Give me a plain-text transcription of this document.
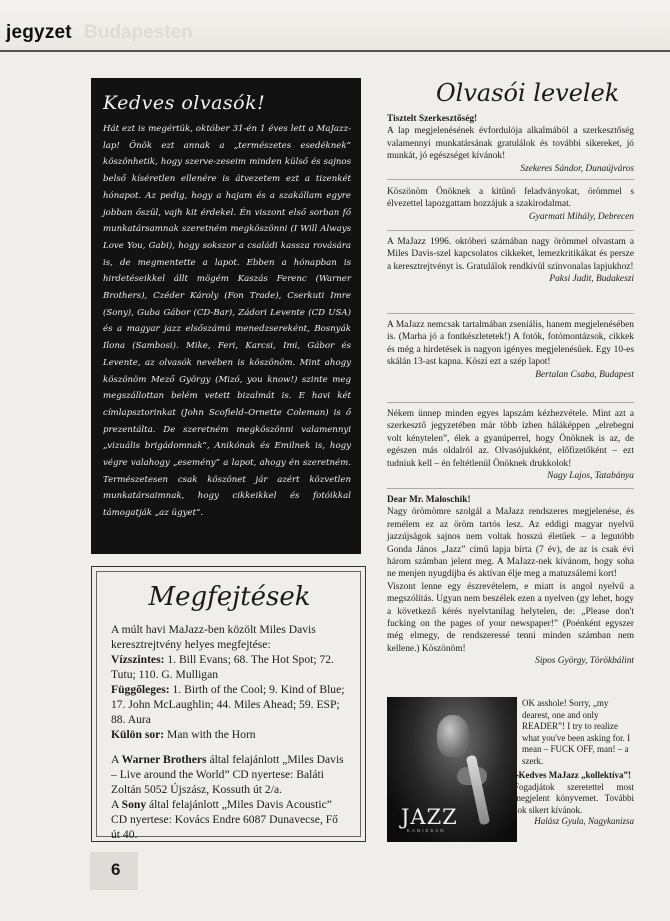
jegyzet Budapesten
Kedves olvasók!

Hát ezt is megértük, október 31-én 1 éves lett a MaJazz-lap! Önök ezt annak a „természetes esedéknek” köszönhetik, hogy szerve-zeseim minden külső és sajnos belső kíséretlen ellenére is átvezetem ezt a tizenkét hónapot. Az pedig, hogy a hajam és a szakállam egyre jobban őszül, vajh kit érdekel. Én viszont első sorban fő munkatársamnak szeretném megköszönni (I Will Always Love You, Gabi), hogy sokszor a családi kassza rovására is, de megmentette a lapot. Ebben a hónapban is hirdetéseikkel állt mögém Kaszás Ferenc (Warner Brothers), Czéder Károly (Fon Trade), Cserkuti Imre (Sony), Guba Gábor (CD-Bar), Zádori Levente (CD USA) és a magyar jazz elsőszámú menedzsereként, Bosnyák Ilona (Sambosi). Mike, Feri, Karcsi, Imi, Gábor és Levente, az olvasók nevében is köszönöm. Mint ahogy köszönöm Mező György (Mizó, you know!) szinte meg megszállottan belém vetett bizalmát is. E havi két címlapsztorinkat (John Scofield–Ornette Coleman) is ő prezentálta. De szeretném megköszönni valamennyi „vizuális brigádomnak”, Anikónak és Emilnek is, hogy végre valahogy „esemény” a lapot, ahogy én szeretném. Természetesen csak köszönet jár azért közvetlen munkatársaimnak, hogy cikkeikkel és fotóikkal támogatják „az ügyet”.

Megfejtések

A múlt havi MaJazz-ben közölt Miles Davis keresztrejtvény helyes megfejtése:

Vízszintes: 1. Bill Evans; 68. The Hot Spot; 72. Tutu; 110. G. Mulligan

Függőleges: 1. Birth of the Cool; 9. Kind of Blue; 17. John McLaughlin; 44. Miles Ahead; 59. ESP; 88. Aura

Külön sor: Man with the Horn

A Warner Brothers által felajánlott „Miles Davis – Live around the World” CD nyertese: Baláti Zoltán 5052 Újszász, Kossuth út 2/a.

A Sony által felajánlott „Miles Davis Acoustic” CD nyertese: Kovács Endre 6087 Dunavecse, Fő út 40.

Olvasói levelek

Tisztelt Szerkesztőség!

A lap megjelenésének évfordulója alkalmából a szerkesztőség valamennyi munkatársának gratulálok és további sikereket, jó munkát, jó egészséget kívánok!

Szekeres Sándor, Dunaújváros

Köszönöm Önöknek a kitűnő feladványokat, örömmel s élvezettel lapozgattam hozzájuk a szakirodalmat.

Gyarmati Mihály, Debrecen

A MaJazz 1996. októberi számában nagy örömmel olvastam a Miles Davis-szel kapcsolatos cikkeket, lemezkritikákat és persze a keresztrejtvényt is. Gratulálok rendkívül színvonalas lapjukhoz!

Paksi Judit, Budakeszi

A MaJazz nemcsak tartalmában zseniális, hanem megjelenésében is. (Marha jó a fontkészletetek!) A fotók, fotómontázsok, cikkek és még a hirdetések is nagyon igényes megjelenésűek. Egy 10-es skálán 13-ast kapna. Köszi ezt a szép lapot!

Bertalan Csaba, Budapest

Nékem ünnep minden egyes lapszám kézhezvétele. Mint azt a szerkesztő jegyzetében már több ízben háláképpen „elrebegni volt kénytelen”, élek a gyanúperrel, hogy Önöknek is az, de egészen más oldalról az. Olvasójukként, előfizetőként – ezt tudniuk kell – én feltétlenül Önöknek drukkolok!

Nagy Lajos, Tatabánya

Dear Mr. Maloschik!

Nagy örömömre szolgál a MaJazz rendszeres megjelenése, és remélem ez az öröm tartós lesz. Az eddigi magyar nyelvű jazzújságok sajnos nem voltak hosszú életűek – a legutóbb Gonda János „Jazz” című lapja bírta (7 év), de az is csak évi három számban jelent meg. A MaJazz-nek kívánom, hogy soha ne menjen nyugdíjba és aktívan élje meg a matuzsálemi kort!

Viszont lenne egy észrevételem, e miatt is angol nyelvű a megszólítás. Ugyan nem beszélek ezen a nyelven (gy lehet, hogy a következő kérés nyelvtanilag helytelen, de: „Please don't fucking on the pages of your newspaper!” (Poénként egyszer még elmegy, de rendszeressé tenni minden számban nem kellene.) Köszönöm!

Sipos György, Törökbálint

JAZZ
KANIZSAN

OK asshole! Sorry, „my dearest, one and only READER”! I try to realize what you've been asking for. I mean – FUCK OFF, man! – a szerk.

▸Kedves MaJazz „kollektíva”!

Fogadjátok szeretettel most megjelent könyvemet. További sok sikert kívánok.

Halász Gyula, Nagykanizsa

6
